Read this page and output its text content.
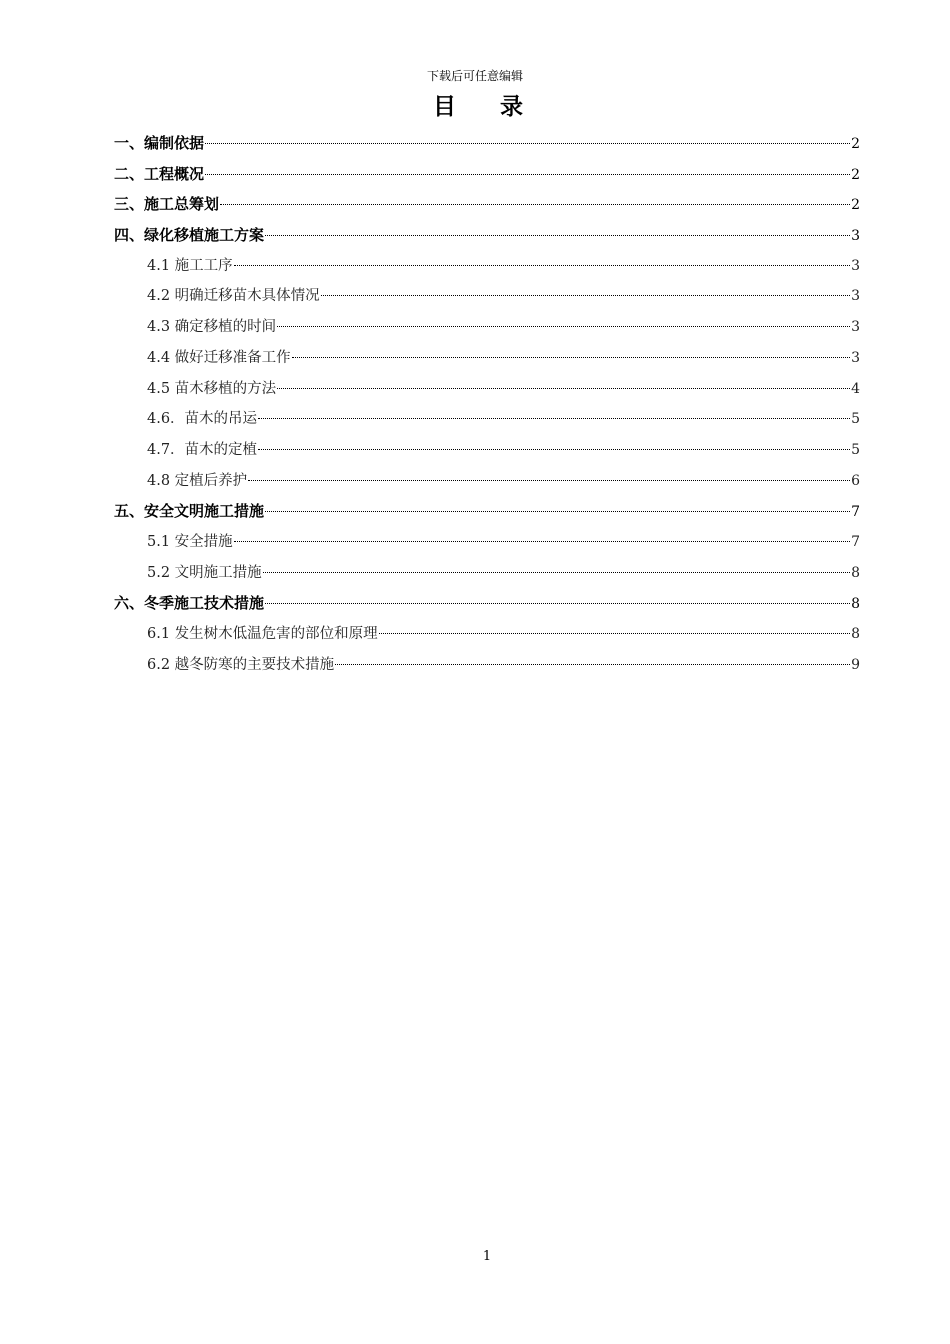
下载后可任意编辑
目 录
一、编制依据	2
二、工程概况	2
三、施工总筹划	2
四、绿化移植施工方案	3
4.1 施工工序	3
4.2 明确迁移苗木具体情况	3
4.3 确定移植的时间	3
4.4 做好迁移准备工作	3
4.5 苗木移植的方法	4
4.6．苗木的吊运	5
4.7．苗木的定植	5
4.8 定植后养护	6
五、安全文明施工措施	7
5.1 安全措施	7
5.2 文明施工措施	8
六、冬季施工技术措施	8
6.1 发生树木低温危害的部位和原理	8
6.2 越冬防寒的主要技术措施	9
1
